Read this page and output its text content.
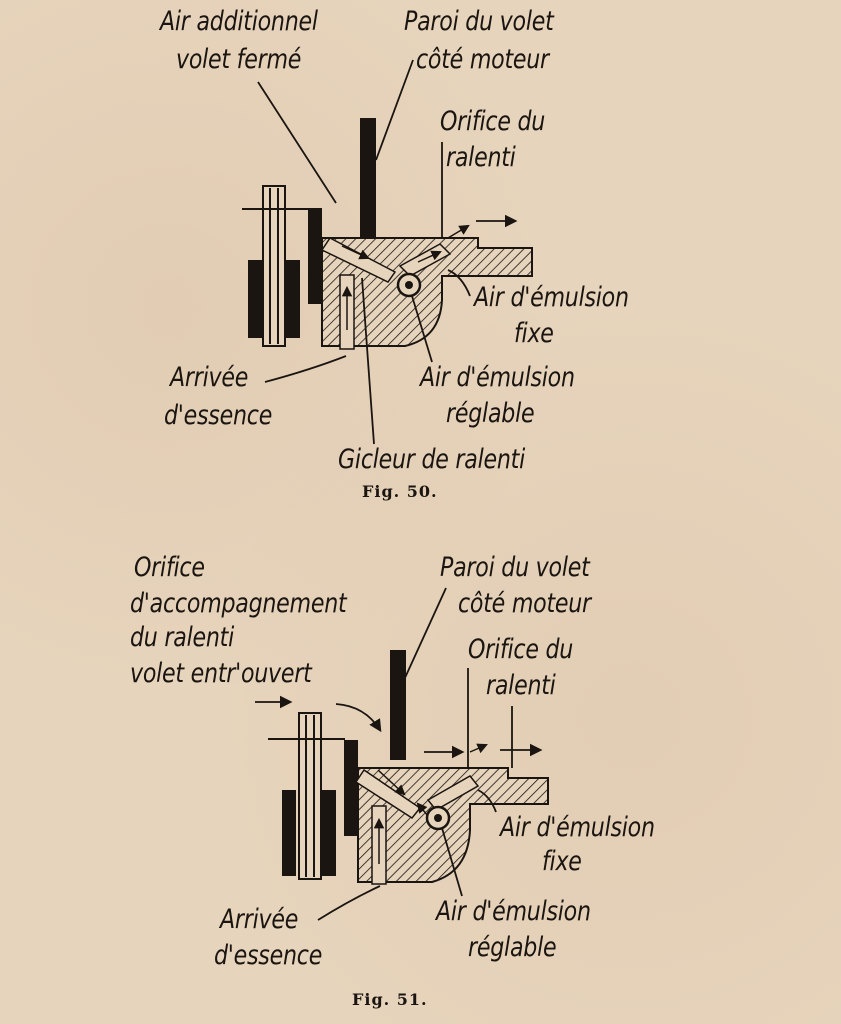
Air additionnel
volet fermé
Paroi du volet
côté moteur
Orifice du
ralenti
Air d'émulsion
fixe
Arrivée
d'essence
Air d'émulsion
réglable
Gicleur de ralenti
Fig. 50.
Orifice
d'accompagnement
du ralenti
volet entr'ouvert
Paroi du volet
côté moteur
Orifice du
ralenti
Air d'émulsion
fixe
Arrivée
d'essence
Air d'émulsion
réglable
Fig. 51.
